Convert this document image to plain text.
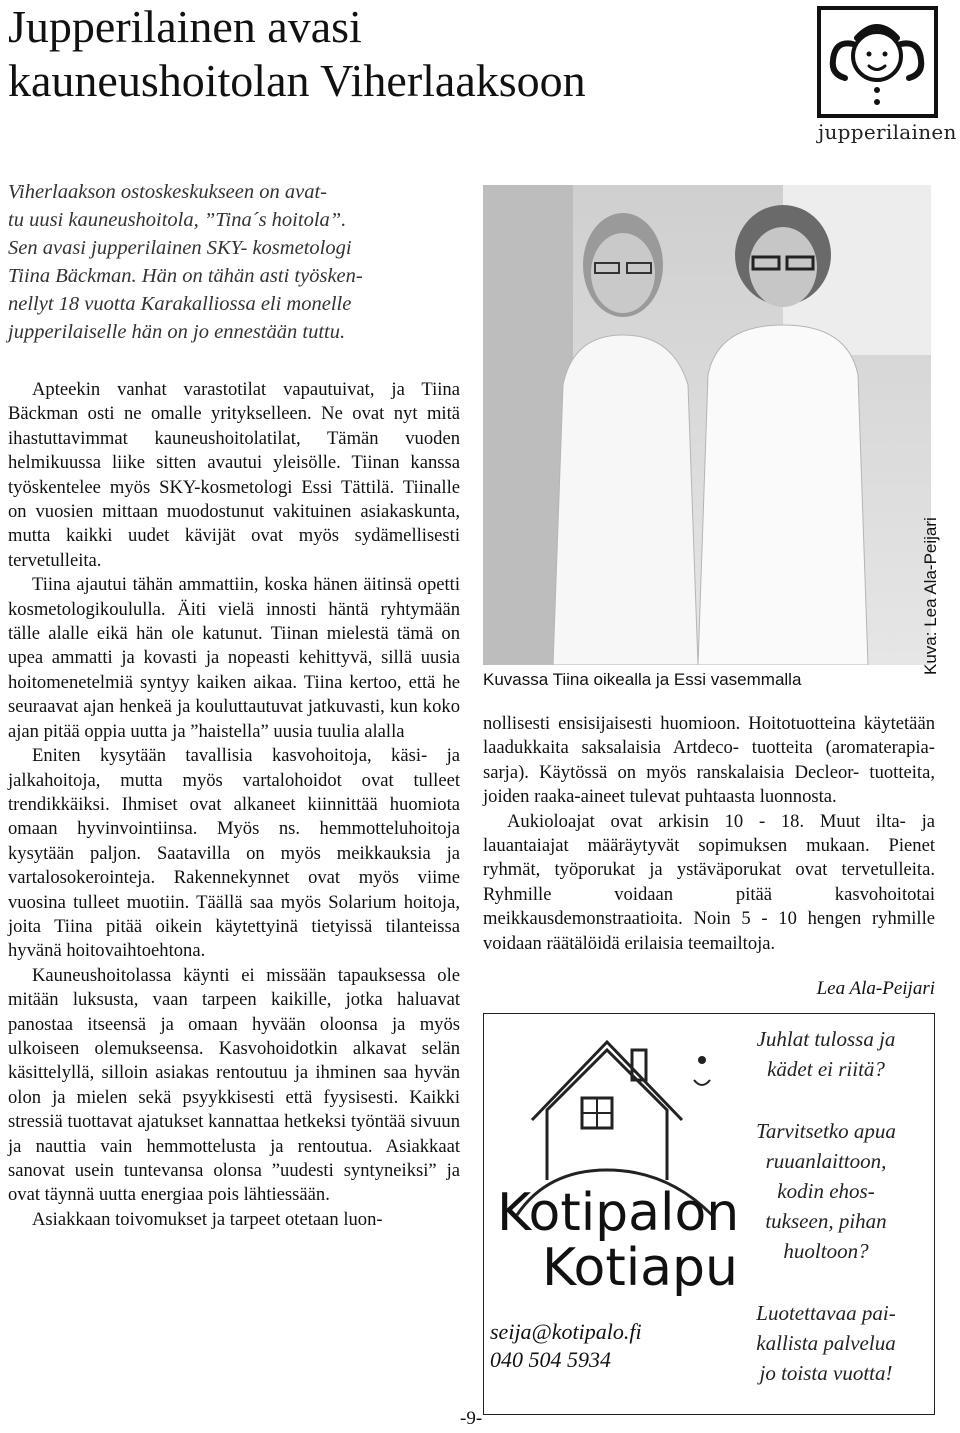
Jupperilainen avasi
kauneushoitolan Viherlaaksoon
jupperilainen
Viherlaakson ostoskeskukseen on avat-
tu uusi kauneushoitola, ”Tina´s hoitola”.
Sen avasi jupperilainen SKY- kosmetologi
Tiina Bäckman. Hän on tähän asti työsken-
nellyt 18 vuotta Karakalliossa eli monelle
jupperilaiselle hän on jo ennestään tuttu.

Apteekin vanhat varastotilat vapautuivat, ja Tiina Bäckman osti ne omalle yritykselleen. Ne ovat nyt mitä ihastuttavimmat kauneushoitolatilat, Tämän vuoden helmikuussa liike sitten avautui yleisölle. Tiinan kanssa työskentelee myös SKY-kosmetologi Essi Tättilä. Tiinalle on vuosien mittaan muodostunut vakituinen asiakaskunta, mutta kaikki uudet kävijät ovat myös sydämellisesti tervetulleita.

Tiina ajautui tähän ammattiin, koska hänen äitinsä opetti kosmetologikoululla. Äiti vielä innosti häntä ryhtymään tälle alalle eikä hän ole katunut. Tiinan mielestä tämä on upea ammatti ja kovasti ja nopeasti kehittyvä, sillä uusia hoitomenetelmiä syntyy kaiken aikaa. Tiina kertoo, että he seuraavat ajan henkeä ja kouluttautuvat jatkuvasti, kun koko ajan pitää oppia uutta ja ”haistella” uusia tuulia alalla

Eniten kysytään tavallisia kasvohoitoja, käsi- ja jalkahoitoja, mutta myös vartalohoidot ovat tulleet trendikkäiksi. Ihmiset ovat alkaneet kiinnittää huomiota omaan hyvinvointiinsa. Myös ns. hemmotteluhoitoja kysytään paljon. Saatavilla on myös meikkauksia ja vartalosokerointeja. Rakennekynnet ovat myös viime vuosina tulleet muotiin. Täällä saa myös Solarium hoitoja, joita Tiina pitää oikein käytettyinä tietyissä tilanteissa hyvänä hoitovaihtoehtona.

Kauneushoitolassa käynti ei missään tapauksessa ole mitään luksusta, vaan tarpeen kaikille, jotka haluavat panostaa itseensä ja omaan hyvään oloonsa ja myös ulkoiseen olemukseensa. Kasvohoidotkin alkavat selän käsittelyllä, silloin asiakas rentoutuu ja ihminen saa hyvän olon ja mielen sekä psyykkisesti että fyysisesti. Kaikki stressiä tuottavat ajatukset kannattaa hetkeksi työntää sivuun ja nauttia vain hemmottelusta ja rentoutua. Asiakkaat sanovat usein tuntevansa olonsa ”uudesti syntyneiksi” ja ovat täynnä uutta energiaa pois lähtiessään.

Asiakkaan toivomukset ja tarpeet otetaan luon-

Kuvassa Tiina oikealla ja Essi vasemmalla
Kuva: Lea Ala-Peijari

nollisesti ensisijaisesti huomioon. Hoitotuotteina käytetään laadukkaita saksalaisia Artdeco- tuotteita (aromaterapia- sarja). Käytössä on myös ranskalaisia Decleor- tuotteita, joiden raaka-aineet tulevat puhtaasta luonnosta.

Aukioloajat ovat arkisin 10 - 18. Muut ilta- ja lauantaiajat määräytyvät sopimuksen mukaan. Pienet ryhmät, työporukat ja ystäväporukat ovat tervetulleita. Ryhmille voidaan pitää kasvohoitotai meikkausdemonstraatioita. Noin 5 - 10 hengen ryhmille voidaan räätälöidä erilaisia teemailtoja.

Lea Ala-Peijari
Kotipalon
Kotiapu
seija@kotipalo.fi
040 504 5934
Juhlat tulossa ja
kädet ei riitä?
Tarvitsetko apua
ruuanlaittoon,
kodin ehos-
tukseen, pihan
huoltoon?
Luotettavaa pai-
kallista palvelua
jo toista vuotta!
-9-
